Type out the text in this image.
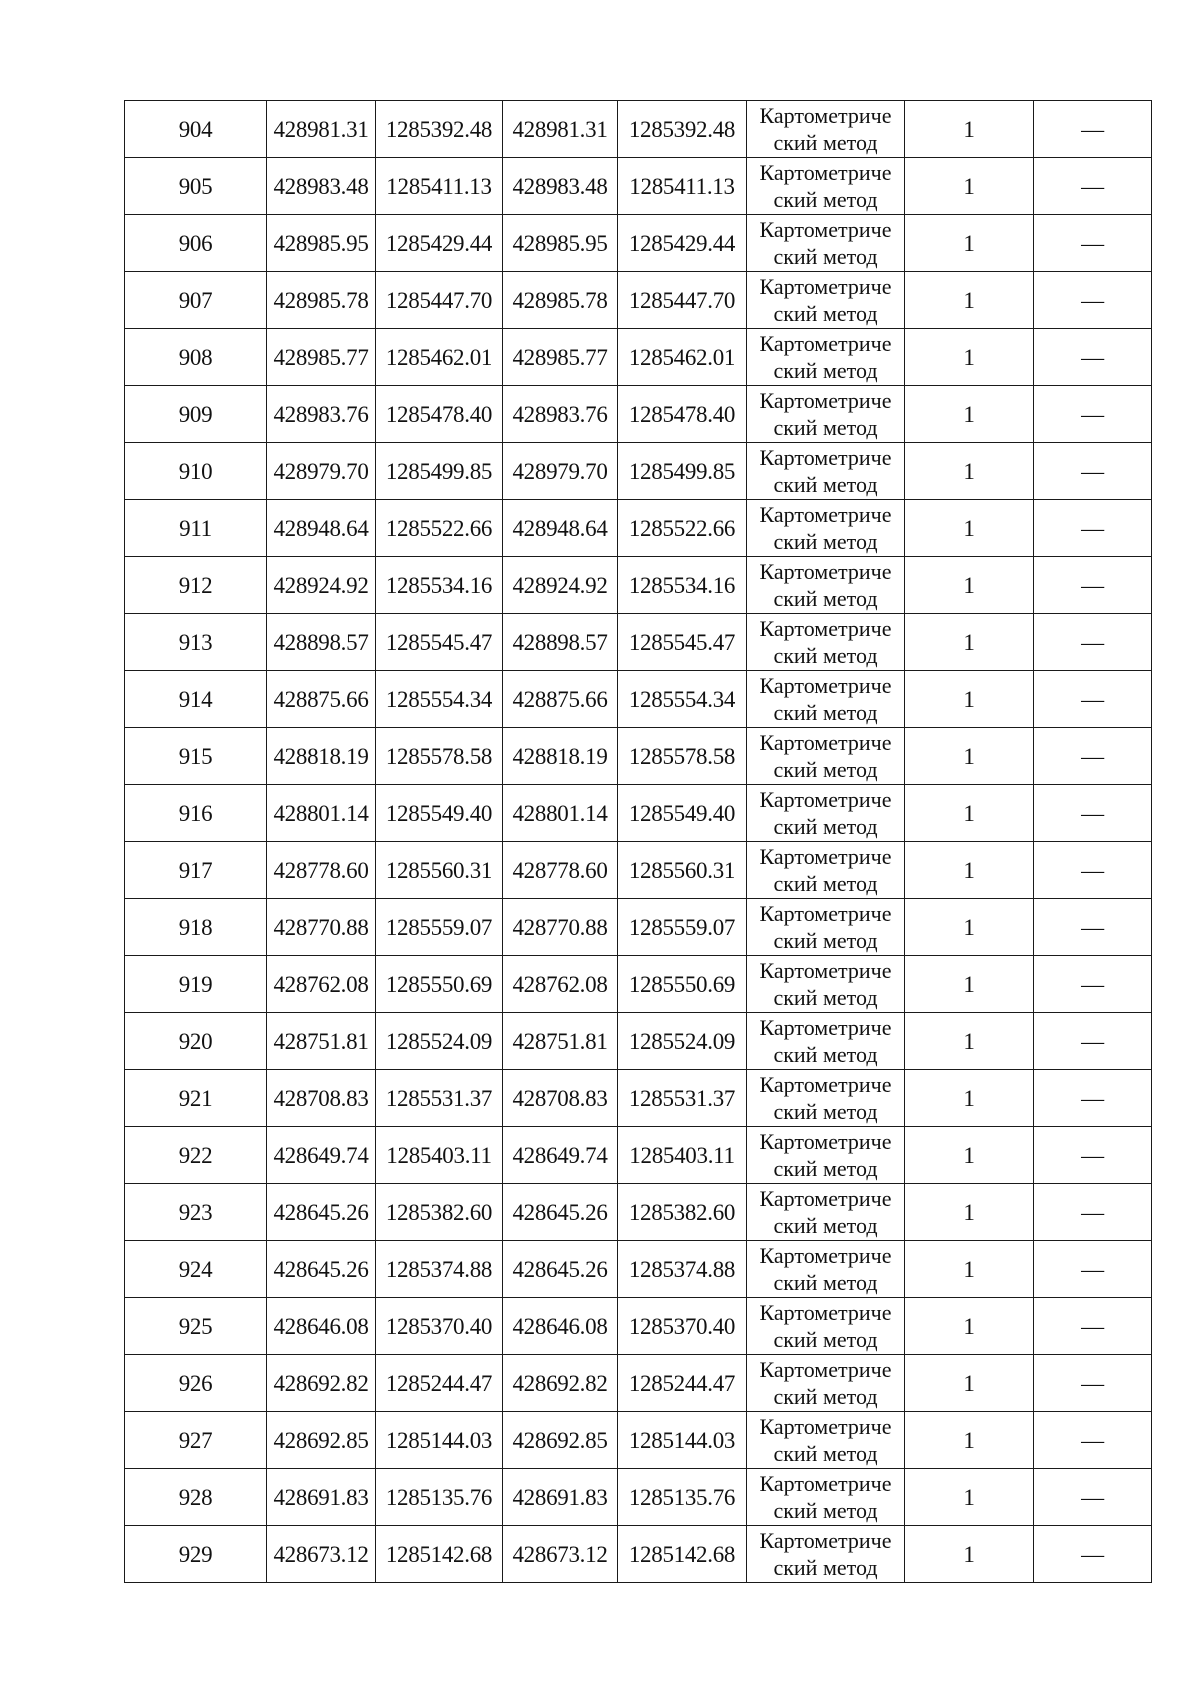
904	428981.31	1285392.48	428981.31	1285392.48	Картометриче
ский метод	1	—
905	428983.48	1285411.13	428983.48	1285411.13	Картометриче
ский метод	1	—
906	428985.95	1285429.44	428985.95	1285429.44	Картометриче
ский метод	1	—
907	428985.78	1285447.70	428985.78	1285447.70	Картометриче
ский метод	1	—
908	428985.77	1285462.01	428985.77	1285462.01	Картометриче
ский метод	1	—
909	428983.76	1285478.40	428983.76	1285478.40	Картометриче
ский метод	1	—
910	428979.70	1285499.85	428979.70	1285499.85	Картометриче
ский метод	1	—
911	428948.64	1285522.66	428948.64	1285522.66	Картометриче
ский метод	1	—
912	428924.92	1285534.16	428924.92	1285534.16	Картометриче
ский метод	1	—
913	428898.57	1285545.47	428898.57	1285545.47	Картометриче
ский метод	1	—
914	428875.66	1285554.34	428875.66	1285554.34	Картометриче
ский метод	1	—
915	428818.19	1285578.58	428818.19	1285578.58	Картометриче
ский метод	1	—
916	428801.14	1285549.40	428801.14	1285549.40	Картометриче
ский метод	1	—
917	428778.60	1285560.31	428778.60	1285560.31	Картометриче
ский метод	1	—
918	428770.88	1285559.07	428770.88	1285559.07	Картометриче
ский метод	1	—
919	428762.08	1285550.69	428762.08	1285550.69	Картометриче
ский метод	1	—
920	428751.81	1285524.09	428751.81	1285524.09	Картометриче
ский метод	1	—
921	428708.83	1285531.37	428708.83	1285531.37	Картометриче
ский метод	1	—
922	428649.74	1285403.11	428649.74	1285403.11	Картометриче
ский метод	1	—
923	428645.26	1285382.60	428645.26	1285382.60	Картометриче
ский метод	1	—
924	428645.26	1285374.88	428645.26	1285374.88	Картометриче
ский метод	1	—
925	428646.08	1285370.40	428646.08	1285370.40	Картометриче
ский метод	1	—
926	428692.82	1285244.47	428692.82	1285244.47	Картометриче
ский метод	1	—
927	428692.85	1285144.03	428692.85	1285144.03	Картометриче
ский метод	1	—
928	428691.83	1285135.76	428691.83	1285135.76	Картометриче
ский метод	1	—
929	428673.12	1285142.68	428673.12	1285142.68	Картометриче
ский метод	1	—
